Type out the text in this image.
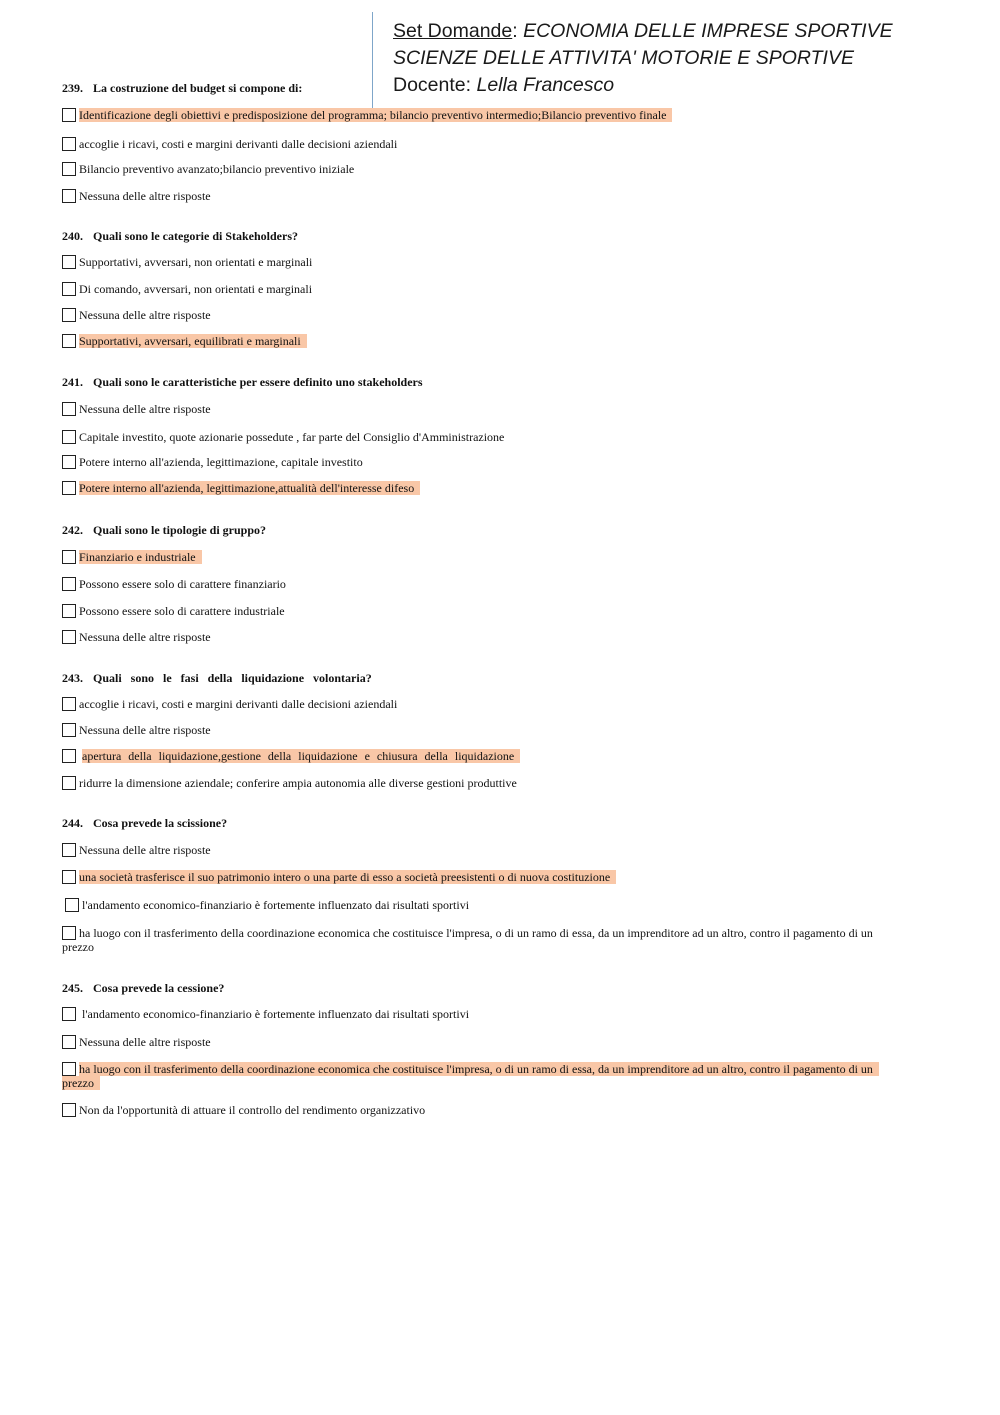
Set Domande: ECONOMIA DELLE IMPRESE SPORTIVE
SCIENZE DELLE ATTIVITA' MOTORIE E SPORTIVE
Docente: Lella Francesco
239. La costruzione del budget si compone di:
Identificazione degli obiettivi e predisposizione del programma; bilancio preventivo intermedio;Bilancio preventivo finale
accoglie i ricavi, costi e margini derivanti dalle decisioni aziendali
Bilancio preventivo avanzato;bilancio preventivo iniziale
Nessuna delle altre risposte
240. Quali sono le categorie di Stakeholders?
Supportativi, avversari, non orientati e marginali
Di comando, avversari, non orientati e marginali
Nessuna delle altre risposte
Supportativi, avversari, equilibrati e marginali
241. Quali sono le caratteristiche per essere definito uno stakeholders
Nessuna delle altre risposte
Capitale investito, quote azionarie possedute , far parte del Consiglio d'Amministrazione
Potere interno all'azienda, legittimazione, capitale investito
Potere interno all'azienda, legittimazione,attualità dell'interesse difeso
242. Quali sono le tipologie di gruppo?
Finanziario e industriale
Possono essere solo di carattere finanziario
Possono essere solo di carattere industriale
Nessuna delle altre risposte
243. Quali sono le fasi della liquidazione volontaria?
accoglie i ricavi, costi e margini derivanti dalle decisioni aziendali
Nessuna delle altre risposte
apertura della liquidazione,gestione della liquidazione e chiusura della liquidazione
ridurre la dimensione aziendale; conferire ampia autonomia alle diverse gestioni produttive
244. Cosa prevede la scissione?
Nessuna delle altre risposte
una società trasferisce il suo patrimonio intero o una parte di esso a società preesistenti o di nuova costituzione
l'andamento economico-finanziario è fortemente influenzato dai risultati sportivi
ha luogo con il trasferimento della coordinazione economica che costituisce l'impresa, o di un ramo di essa, da un imprenditore ad un altro, contro il pagamento di un
prezzo
245. Cosa prevede la cessione?
l'andamento economico-finanziario è fortemente influenzato dai risultati sportivi
Nessuna delle altre risposte
ha luogo con il trasferimento della coordinazione economica che costituisce l'impresa, o di un ramo di essa, da un imprenditore ad un altro, contro il pagamento di un
prezzo
Non da l'opportunità di attuare il controllo del rendimento organizzativo
